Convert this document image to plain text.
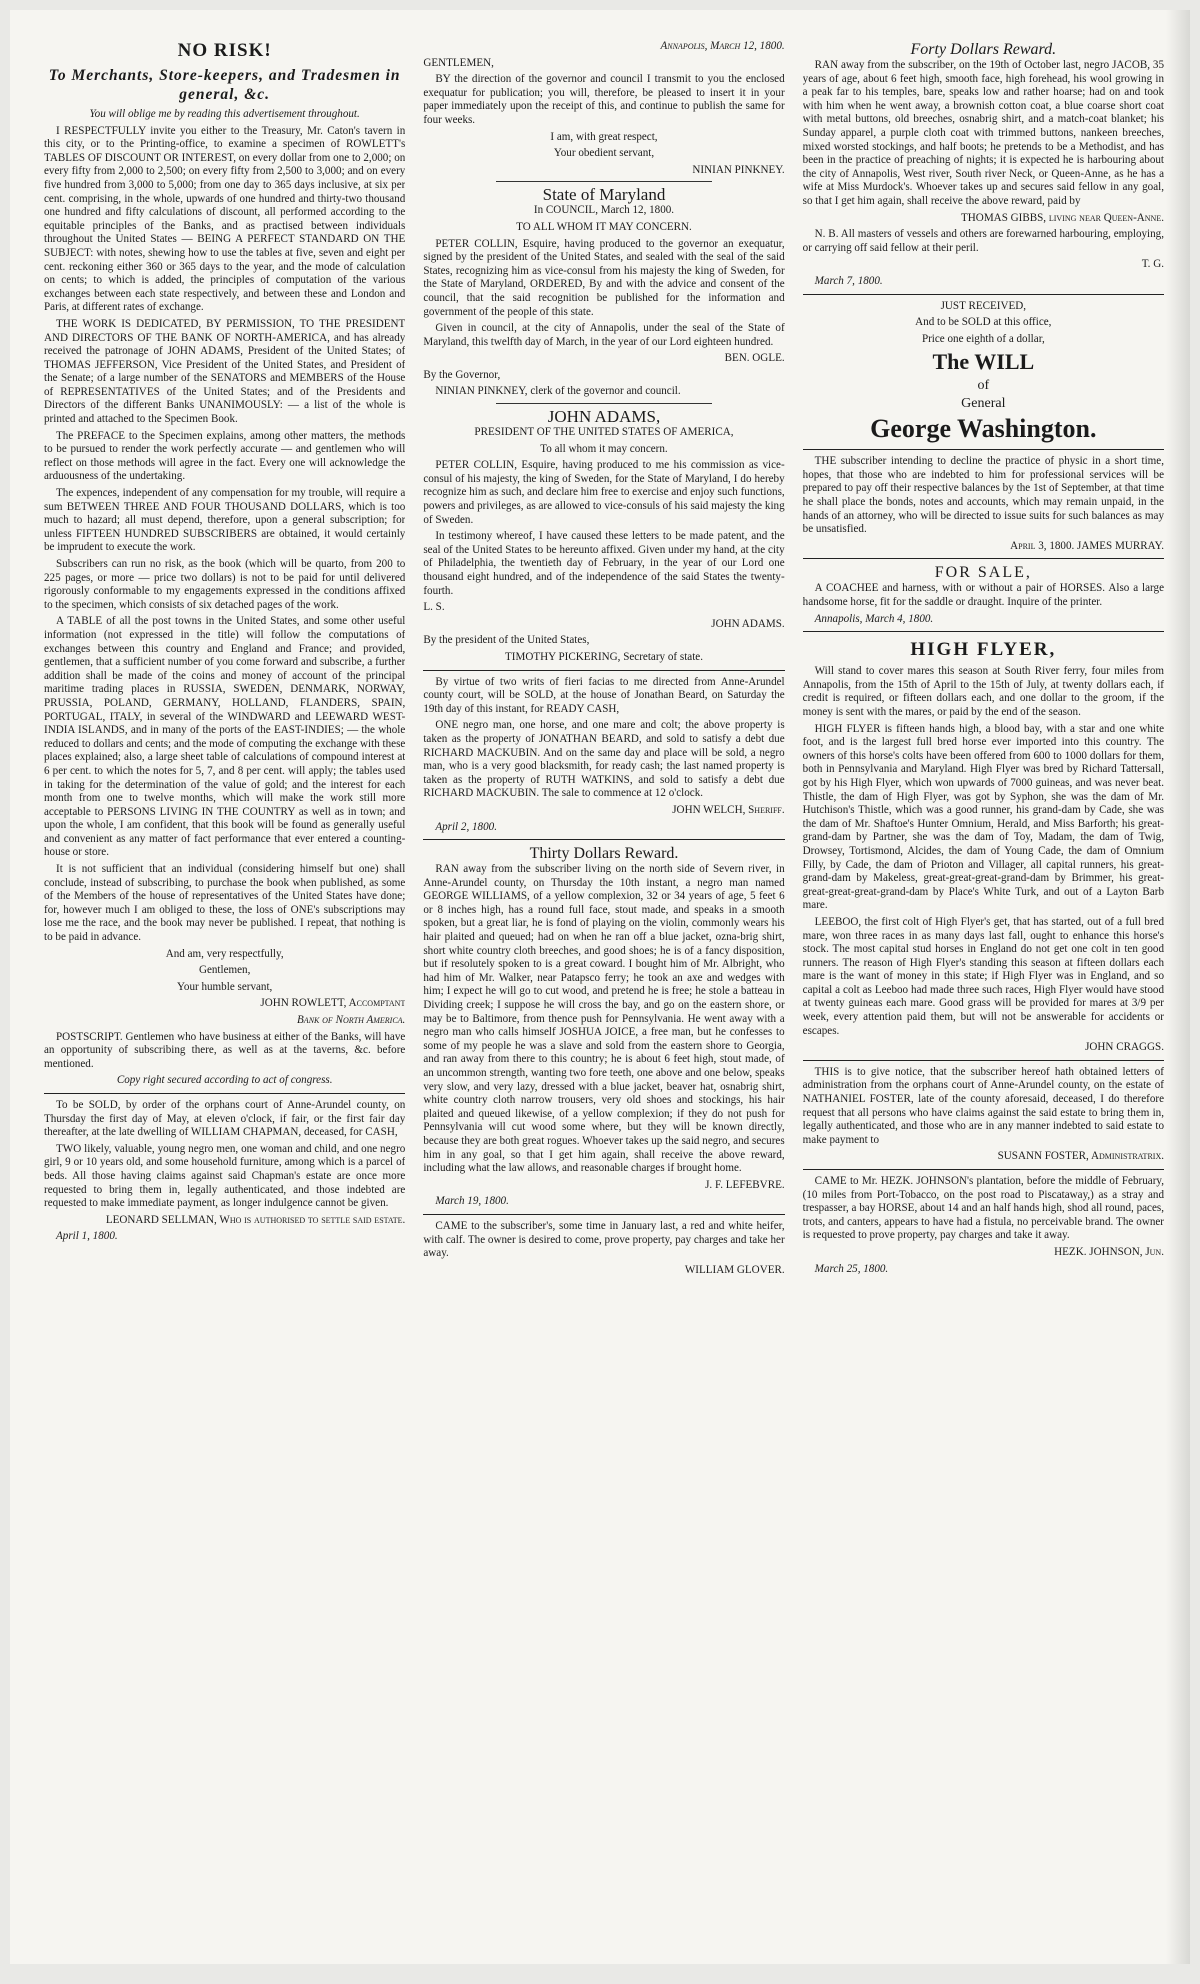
NO RISK!
To Merchants, Store-keepers, and Tradesmen in general, &c.

You will oblige me by reading this advertisement throughout.

I RESPECTFULLY invite you either to the Treasury, Mr. Caton's tavern in this city, or to the Printing-office, to examine a specimen of ROWLETT's TABLES OF DISCOUNT OR INTEREST, on every dollar from one to 2,000; on every fifty from 2,000 to 2,500; on every fifty from 2,500 to 3,000; and on every five hundred from 3,000 to 5,000; from one day to 365 days inclusive, at six per cent. comprising, in the whole, upwards of one hundred and thirty-two thousand one hundred and fifty calculations of discount, all performed according to the equitable principles of the Banks, and as practised between individuals throughout the United States — BEING A PERFECT STANDARD ON THE SUBJECT: with notes, shewing how to use the tables at five, seven and eight per cent. reckoning either 360 or 365 days to the year, and the mode of calculation on cents; to which is added, the principles of computation of the various exchanges between each state respectively, and between these and London and Paris, at different rates of exchange.

THE WORK IS DEDICATED, BY PERMISSION, TO THE PRESIDENT AND DIRECTORS OF THE BANK OF NORTH-AMERICA, and has already received the patronage of JOHN ADAMS, President of the United States; of THOMAS JEFFERSON, Vice President of the United States, and President of the Senate; of a large number of the SENATORS and MEMBERS of the House of REPRESENTATIVES of the United States; and of the Presidents and Directors of the different Banks UNANIMOUSLY: — a list of the whole is printed and attached to the Specimen Book.

The PREFACE to the Specimen explains, among other matters, the methods to be pursued to render the work perfectly accurate — and gentlemen who will reflect on those methods will agree in the fact. Every one will acknowledge the arduousness of the undertaking.

The expences, independent of any compensation for my trouble, will require a sum BETWEEN THREE AND FOUR THOUSAND DOLLARS, which is too much to hazard; all must depend, therefore, upon a general subscription; for unless FIFTEEN HUNDRED SUBSCRIBERS are obtained, it would certainly be imprudent to execute the work.

Subscribers can run no risk, as the book (which will be quarto, from 200 to 225 pages, or more — price two dollars) is not to be paid for until delivered rigorously conformable to my engagements expressed in the conditions affixed to the specimen, which consists of six detached pages of the work.

A TABLE of all the post towns in the United States, and some other useful information (not expressed in the title) will follow the computations of exchanges between this country and England and France; and provided, gentlemen, that a sufficient number of you come forward and subscribe, a further addition shall be made of the coins and money of account of the principal maritime trading places in RUSSIA, SWEDEN, DENMARK, NORWAY, PRUSSIA, POLAND, GERMANY, HOLLAND, FLANDERS, SPAIN, PORTUGAL, ITALY, in several of the WINDWARD and LEEWARD WEST-INDIA ISLANDS, and in many of the ports of the EAST-INDIES; — the whole reduced to dollars and cents; and the mode of computing the exchange with these places explained; also, a large sheet table of calculations of compound interest at 6 per cent. to which the notes for 5, 7, and 8 per cent. will apply; the tables used in taking for the determination of the value of gold; and the interest for each month from one to twelve months, which will make the work still more acceptable to PERSONS LIVING IN THE COUNTRY as well as in town; and upon the whole, I am confident, that this book will be found as generally useful and convenient as any matter of fact performance that ever entered a counting-house or store.

It is not sufficient that an individual (considering himself but one) shall conclude, instead of subscribing, to purchase the book when published, as some of the Members of the house of representatives of the United States have done; for, however much I am obliged to these, the loss of ONE's subscriptions may lose me the race, and the book may never be published. I repeat, that nothing is to be paid in advance.

And am, very respectfully,

Gentlemen,

Your humble servant,

JOHN ROWLETT, Accomptant

Bank of North America.

POSTSCRIPT. Gentlemen who have business at either of the Banks, will have an opportunity of subscribing there, as well as at the taverns, &c. before mentioned.

Copy right secured according to act of congress.

To be SOLD, by order of the orphans court of Anne-Arundel county, on Thursday the first day of May, at eleven o'clock, if fair, or the first fair day thereafter, at the late dwelling of WILLIAM CHAPMAN, deceased, for CASH,

TWO likely, valuable, young negro men, one woman and child, and one negro girl, 9 or 10 years old, and some household furniture, among which is a parcel of beds. All those having claims against said Chapman's estate are once more requested to bring them in, legally authenticated, and those indebted are requested to make immediate payment, as longer indulgence cannot be given.

LEONARD SELLMAN, Who is authorised to settle said estate.

April 1, 1800.

Annapolis, March 12, 1800.

GENTLEMEN,

BY the direction of the governor and council I transmit to you the enclosed exequatur for publication; you will, therefore, be pleased to insert it in your paper immediately upon the receipt of this, and continue to publish the same for four weeks.

I am, with great respect,

Your obedient servant,

NINIAN PINKNEY.

State of Maryland

In COUNCIL, March 12, 1800.

TO ALL WHOM IT MAY CONCERN.

PETER COLLIN, Esquire, having produced to the governor an exequatur, signed by the president of the United States, and sealed with the seal of the said States, recognizing him as vice-consul from his majesty the king of Sweden, for the State of Maryland, ORDERED, By and with the advice and consent of the council, that the said recognition be published for the information and government of the people of this state.

Given in council, at the city of Annapolis, under the seal of the State of Maryland, this twelfth day of March, in the year of our Lord eighteen hundred.

BEN. OGLE.

By the Governor,

NINIAN PINKNEY, clerk of the governor and council.

JOHN ADAMS,

PRESIDENT OF THE UNITED STATES OF AMERICA,

To all whom it may concern.

PETER COLLIN, Esquire, having produced to me his commission as vice-consul of his majesty, the king of Sweden, for the State of Maryland, I do hereby recognize him as such, and declare him free to exercise and enjoy such functions, powers and privileges, as are allowed to vice-consuls of his said majesty the king of Sweden.

In testimony whereof, I have caused these letters to be made patent, and the seal of the United States to be hereunto affixed. Given under my hand, at the city of Philadelphia, the twentieth day of February, in the year of our Lord one thousand eight hundred, and of the independence of the said States the twenty-fourth.

L. S.

JOHN ADAMS.

By the president of the United States,

TIMOTHY PICKERING, Secretary of state.

By virtue of two writs of fieri facias to me directed from Anne-Arundel county court, will be SOLD, at the house of Jonathan Beard, on Saturday the 19th day of this instant, for READY CASH,

ONE negro man, one horse, and one mare and colt; the above property is taken as the property of JONATHAN BEARD, and sold to satisfy a debt due RICHARD MACKUBIN. And on the same day and place will be sold, a negro man, who is a very good blacksmith, for ready cash; the last named property is taken as the property of RUTH WATKINS, and sold to satisfy a debt due RICHARD MACKUBIN. The sale to commence at 12 o'clock.

JOHN WELCH, Sheriff.

April 2, 1800.

Thirty Dollars Reward.

RAN away from the subscriber living on the north side of Severn river, in Anne-Arundel county, on Thursday the 10th instant, a negro man named GEORGE WILLIAMS, of a yellow complexion, 32 or 34 years of age, 5 feet 6 or 8 inches high, has a round full face, stout made, and speaks in a smooth spoken, but a great liar, he is fond of playing on the violin, commonly wears his hair plaited and queued; had on when he ran off a blue jacket, ozna-brig shirt, short white country cloth breeches, and good shoes; he is of a fancy disposition, but if resolutely spoken to is a great coward. I bought him of Mr. Albright, who had him of Mr. Walker, near Patapsco ferry; he took an axe and wedges with him; I expect he will go to cut wood, and pretend he is free; he stole a batteau in Dividing creek; I suppose he will cross the bay, and go on the eastern shore, or may be to Baltimore, from thence push for Pennsylvania. He went away with a negro man who calls himself JOSHUA JOICE, a free man, but he confesses to some of my people he was a slave and sold from the eastern shore to Georgia, and ran away from there to this country; he is about 6 feet high, stout made, of an uncommon strength, wanting two fore teeth, one above and one below, speaks very slow, and very lazy, dressed with a blue jacket, beaver hat, osnabrig shirt, white country cloth narrow trousers, very old shoes and stockings, his hair plaited and queued likewise, of a yellow complexion; if they do not push for Pennsylvania will cut wood some where, but they will be known directly, because they are both great rogues. Whoever takes up the said negro, and secures him in any goal, so that I get him again, shall receive the above reward, including what the law allows, and reasonable charges if brought home.

J. F. LEFEBVRE.

March 19, 1800.

CAME to the subscriber's, some time in January last, a red and white heifer, with calf. The owner is desired to come, prove property, pay charges and take her away.

WILLIAM GLOVER.

Forty Dollars Reward.

RAN away from the subscriber, on the 19th of October last, negro JACOB, 35 years of age, about 6 feet high, smooth face, high forehead, his wool growing in a peak far to his temples, bare, speaks low and rather hoarse; had on and took with him when he went away, a brownish cotton coat, a blue coarse short coat with metal buttons, old breeches, osnabrig shirt, and a match-coat blanket; his Sunday apparel, a purple cloth coat with trimmed buttons, nankeen breeches, mixed worsted stockings, and half boots; he pretends to be a Methodist, and has been in the practice of preaching of nights; it is expected he is harbouring about the city of Annapolis, West river, South river Neck, or Queen-Anne, as he has a wife at Miss Murdock's. Whoever takes up and secures said fellow in any goal, so that I get him again, shall receive the above reward, paid by

THOMAS GIBBS, living near Queen-Anne.

N. B. All masters of vessels and others are forewarned harbouring, employing, or carrying off said fellow at their peril.

T. G.

March 7, 1800.

JUST RECEIVED,

And to be SOLD at this office,

Price one eighth of a dollar,

The WILL
of
General
George Washington.

THE subscriber intending to decline the practice of physic in a short time, hopes, that those who are indebted to him for professional services will be prepared to pay off their respective balances by the 1st of September, at that time he shall place the bonds, notes and accounts, which may remain unpaid, in the hands of an attorney, who will be directed to issue suits for such balances as may be unsatisfied.

April 3, 1800. JAMES MURRAY.

FOR SALE,

A COACHEE and harness, with or without a pair of HORSES. Also a large handsome horse, fit for the saddle or draught. Inquire of the printer.

Annapolis, March 4, 1800.

HIGH FLYER,

Will stand to cover mares this season at South River ferry, four miles from Annapolis, from the 15th of April to the 15th of July, at twenty dollars each, if credit is required, or fifteen dollars each, and one dollar to the groom, if the money is sent with the mares, or paid by the end of the season.

HIGH FLYER is fifteen hands high, a blood bay, with a star and one white foot, and is the largest full bred horse ever imported into this country. The owners of this horse's colts have been offered from 600 to 1000 dollars for them, both in Pennsylvania and Maryland. High Flyer was bred by Richard Tattersall, got by his High Flyer, which won upwards of 7000 guineas, and was never beat. Thistle, the dam of High Flyer, was got by Syphon, she was the dam of Mr. Hutchison's Thistle, which was a good runner, his grand-dam by Cade, she was the dam of Mr. Shaftoe's Hunter Omnium, Herald, and Miss Barforth; his great-grand-dam by Partner, she was the dam of Toy, Madam, the dam of Twig, Drowsey, Tortismond, Alcides, the dam of Young Cade, the dam of Omnium Filly, by Cade, the dam of Prioton and Villager, all capital runners, his great-grand-dam by Makeless, great-great-great-grand-dam by Brimmer, his great-great-great-great-grand-dam by Place's White Turk, and out of a Layton Barb mare.

LEEBOO, the first colt of High Flyer's get, that has started, out of a full bred mare, won three races in as many days last fall, ought to enhance this horse's stock. The most capital stud horses in England do not get one colt in ten good runners. The reason of High Flyer's standing this season at fifteen dollars each mare is the want of money in this state; if High Flyer was in England, and so capital a colt as Leeboo had made three such races, High Flyer would have stood at twenty guineas each mare. Good grass will be provided for mares at 3/9 per week, every attention paid them, but will not be answerable for accidents or escapes.

JOHN CRAGGS.

THIS is to give notice, that the subscriber hereof hath obtained letters of administration from the orphans court of Anne-Arundel county, on the estate of NATHANIEL FOSTER, late of the county aforesaid, deceased, I do therefore request that all persons who have claims against the said estate to bring them in, legally authenticated, and those who are in any manner indebted to said estate to make payment to

SUSANN FOSTER, Administratrix.

CAME to Mr. HEZK. JOHNSON's plantation, before the middle of February, (10 miles from Port-Tobacco, on the post road to Piscataway,) as a stray and trespasser, a bay HORSE, about 14 and an half hands high, shod all round, paces, trots, and canters, appears to have had a fistula, no perceivable brand. The owner is requested to prove property, pay charges and take it away.

HEZK. JOHNSON, Jun.

March 25, 1800.
